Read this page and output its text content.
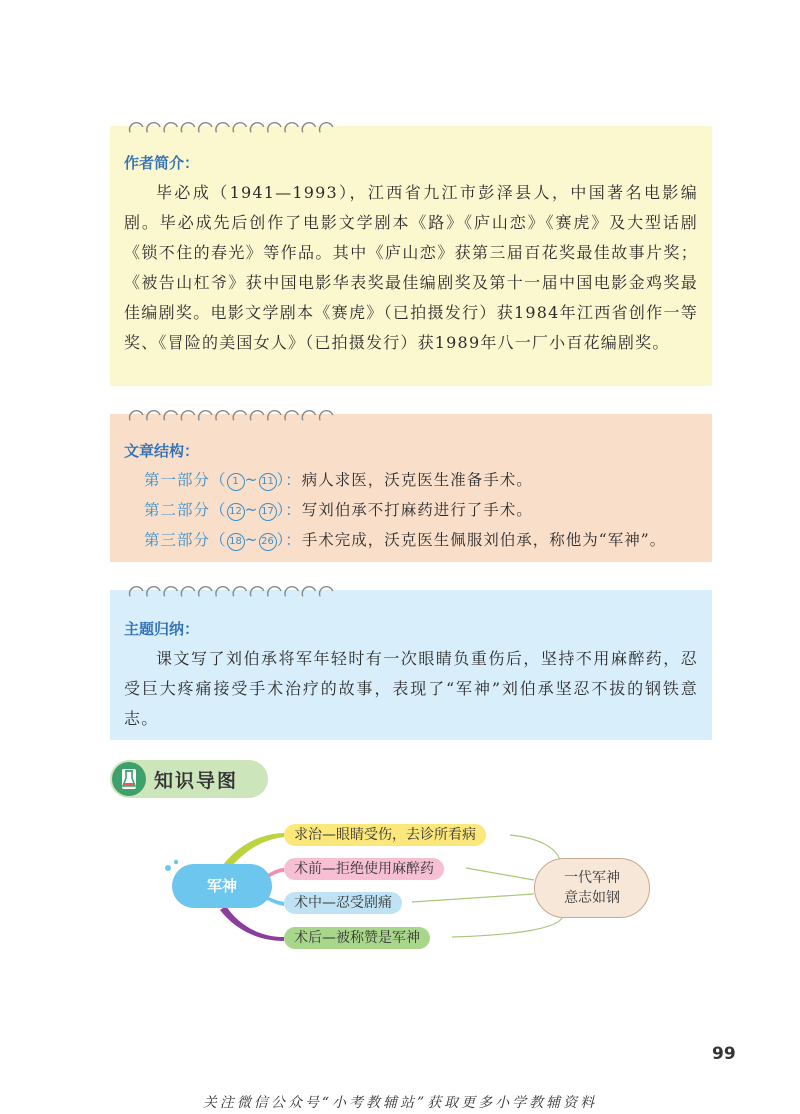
作者简介：
毕必成（1941—1993），江西省九江市彭泽县人，中国著名电影编剧。毕必成先后创作了电影文学剧本《路》《庐山恋》《赛虎》及大型话剧《锁不住的春光》等作品。其中《庐山恋》获第三届百花奖最佳故事片奖；《被告山杠爷》获中国电影华表奖最佳编剧奖及第十一届中国电影金鸡奖最佳编剧奖。电影文学剧本《赛虎》（已拍摄发行）获1984年江西省创作一等奖、《冒险的美国女人》（已拍摄发行）获1989年八一厂小百花编剧奖。
文章结构：
第一部分（ 1 ~ 11 ）：病人求医，沃克医生准备手术。
第二部分（ 12 ~ 17 ）：写刘伯承不打麻药进行了手术。
第三部分（ 18 ~ 26 ）：手术完成，沃克医生佩服刘伯承，称他为“军神”。
主题归纳：
课文写了刘伯承将军年轻时有一次眼睛负重伤后，坚持不用麻醉药，忍受巨大疼痛接受手术治疗的故事，表现了“军神”刘伯承坚忍不拔的钢铁意志。
知识导图
军神
求治—眼睛受伤，去诊所看病
术前—拒绝使用麻醉药
术中—忍受剧痛
术后—被称赞是军神
一代军神
意志如钢
99
关注微信公众号“小考教辅站”获取更多小学教辅资料
